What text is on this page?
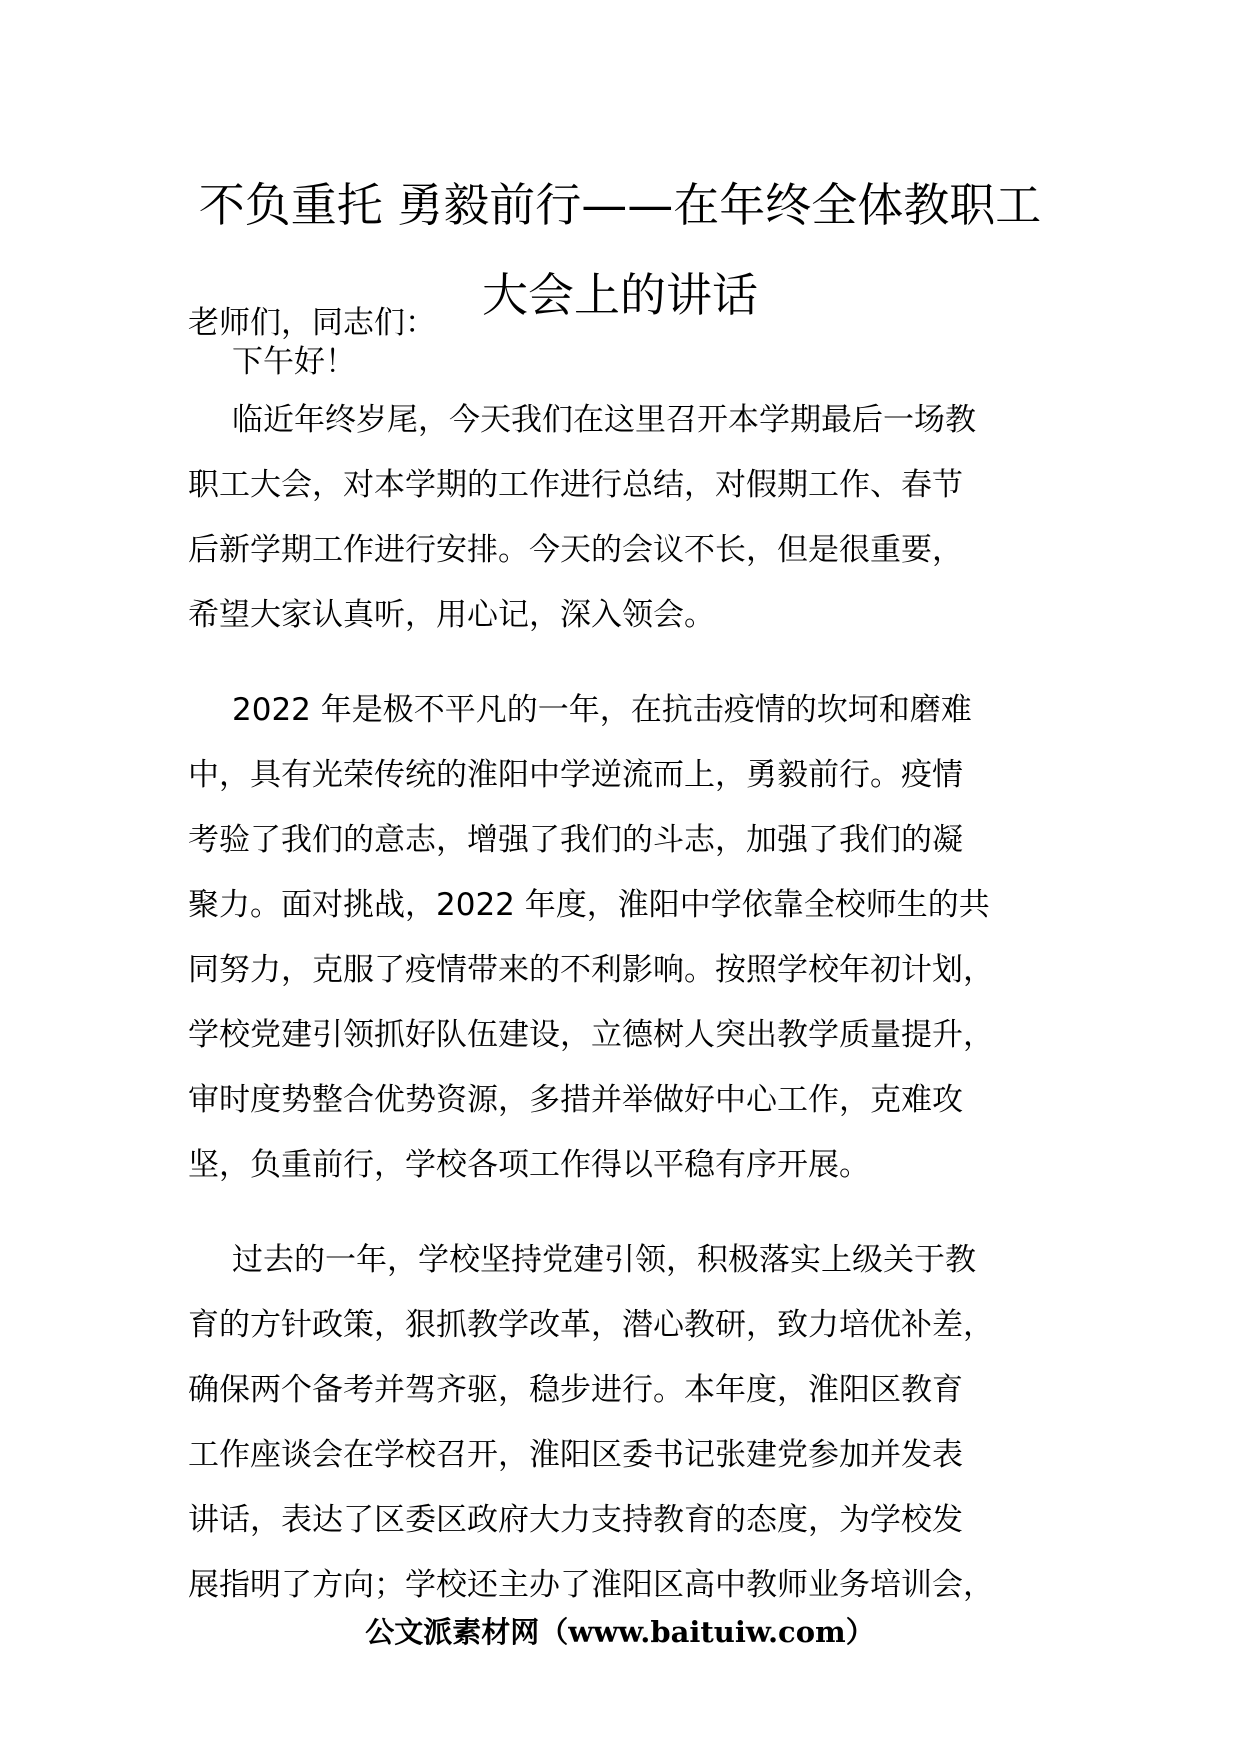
不负重托 勇毅前行——在年终全体教职工
大会上的讲话

老师们，同志们：

下午好！
临近年终岁尾，今天我们在这里召开本学期最后一场教
职工大会，对本学期的工作进行总结，对假期工作、春节
后新学期工作进行安排。今天的会议不长，但是很重要，
希望大家认真听，用心记，深入领会。
2022 年是极不平凡的一年，在抗击疫情的坎坷和磨难
中，具有光荣传统的淮阳中学逆流而上，勇毅前行。疫情
考验了我们的意志，增强了我们的斗志，加强了我们的凝
聚力。面对挑战，2022 年度，淮阳中学依靠全校师生的共
同努力，克服了疫情带来的不利影响。按照学校年初计划，
学校党建引领抓好队伍建设，立德树人突出教学质量提升，
审时度势整合优势资源，多措并举做好中心工作，克难攻
坚，负重前行，学校各项工作得以平稳有序开展。
过去的一年，学校坚持党建引领，积极落实上级关于教
育的方针政策，狠抓教学改革，潜心教研，致力培优补差，
确保两个备考并驾齐驱，稳步进行。本年度，淮阳区教育
工作座谈会在学校召开，淮阳区委书记张建党参加并发表
讲话，表达了区委区政府大力支持教育的态度，为学校发
展指明了方向；学校还主办了淮阳区高中教师业务培训会，
公文派素材网（www.baituiw.com）
